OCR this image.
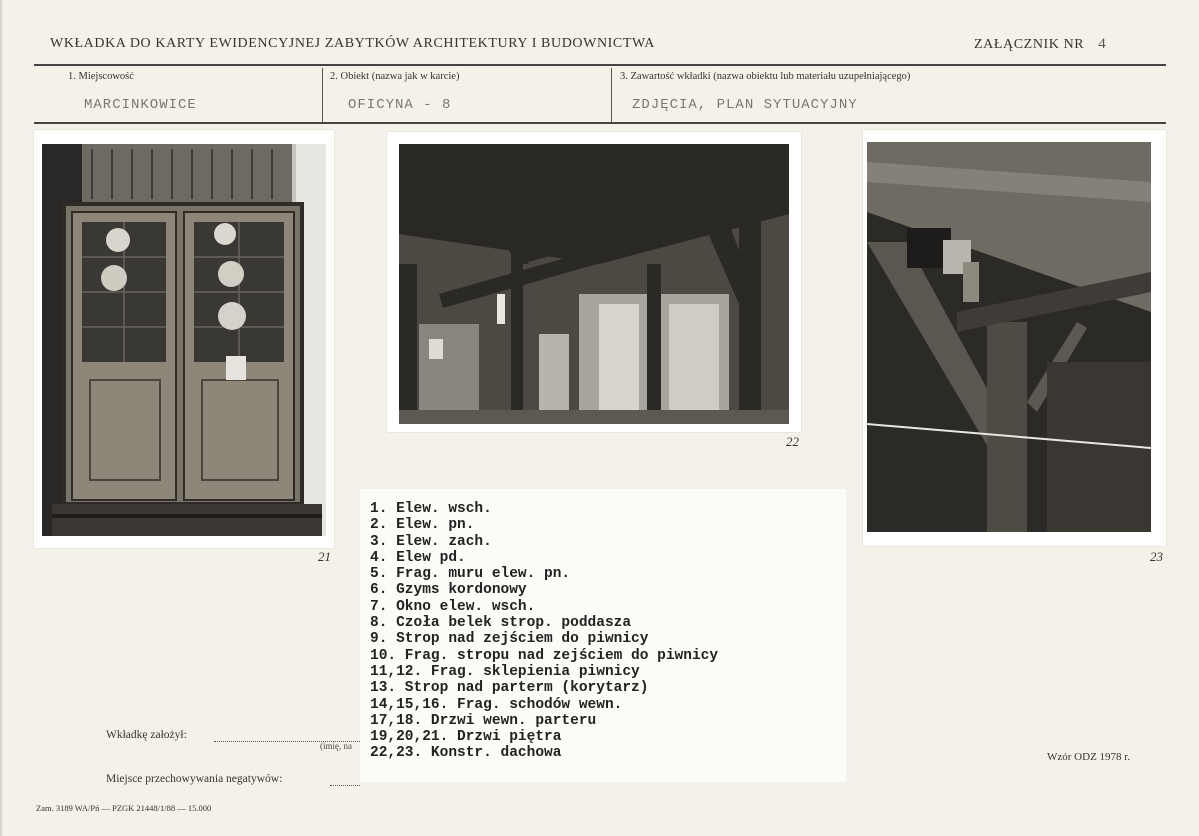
WKŁADKA DO KARTY EWIDENCYJNEJ ZABYTKÓW ARCHITEKTURY I BUDOWNICTWA	ZAŁĄCZNIK NR 4
1. Miejscowość
MARCINKOWICE
2. Obiekt (nazwa jak w karcie)
OFICYNA - 8
3. Zawartość wkładki (nazwa obiektu lub materiału uzupełniającego)
ZDJĘCIA, PLAN SYTUACYJNY
21
22
23
1. Elew. wsch.
2. Elew. pn.
3. Elew. zach.
4. Elew pd.
5. Frag. muru elew. pn.
6. Gzyms kordonowy
7. Okno elew. wsch.
8. Czoła belek strop. poddasza
9. Strop nad zejściem do piwnicy
10. Frag. stropu nad zejściem do piwnicy
11,12. Frag. sklepienia piwnicy
13. Strop nad parterm (korytarz)
14,15,16. Frag. schodów wewn.
17,18. Drzwi wewn. parteru
19,20,21. Drzwi piętra
22,23. Konstr. dachowa
Wkładkę założył:
(imię, na
Miejsce przechowywania negatywów:
Wzór ODZ 1978 r.
Zam. 3189 WA/Pń — PZGK 21448/1/88 — 15.000
